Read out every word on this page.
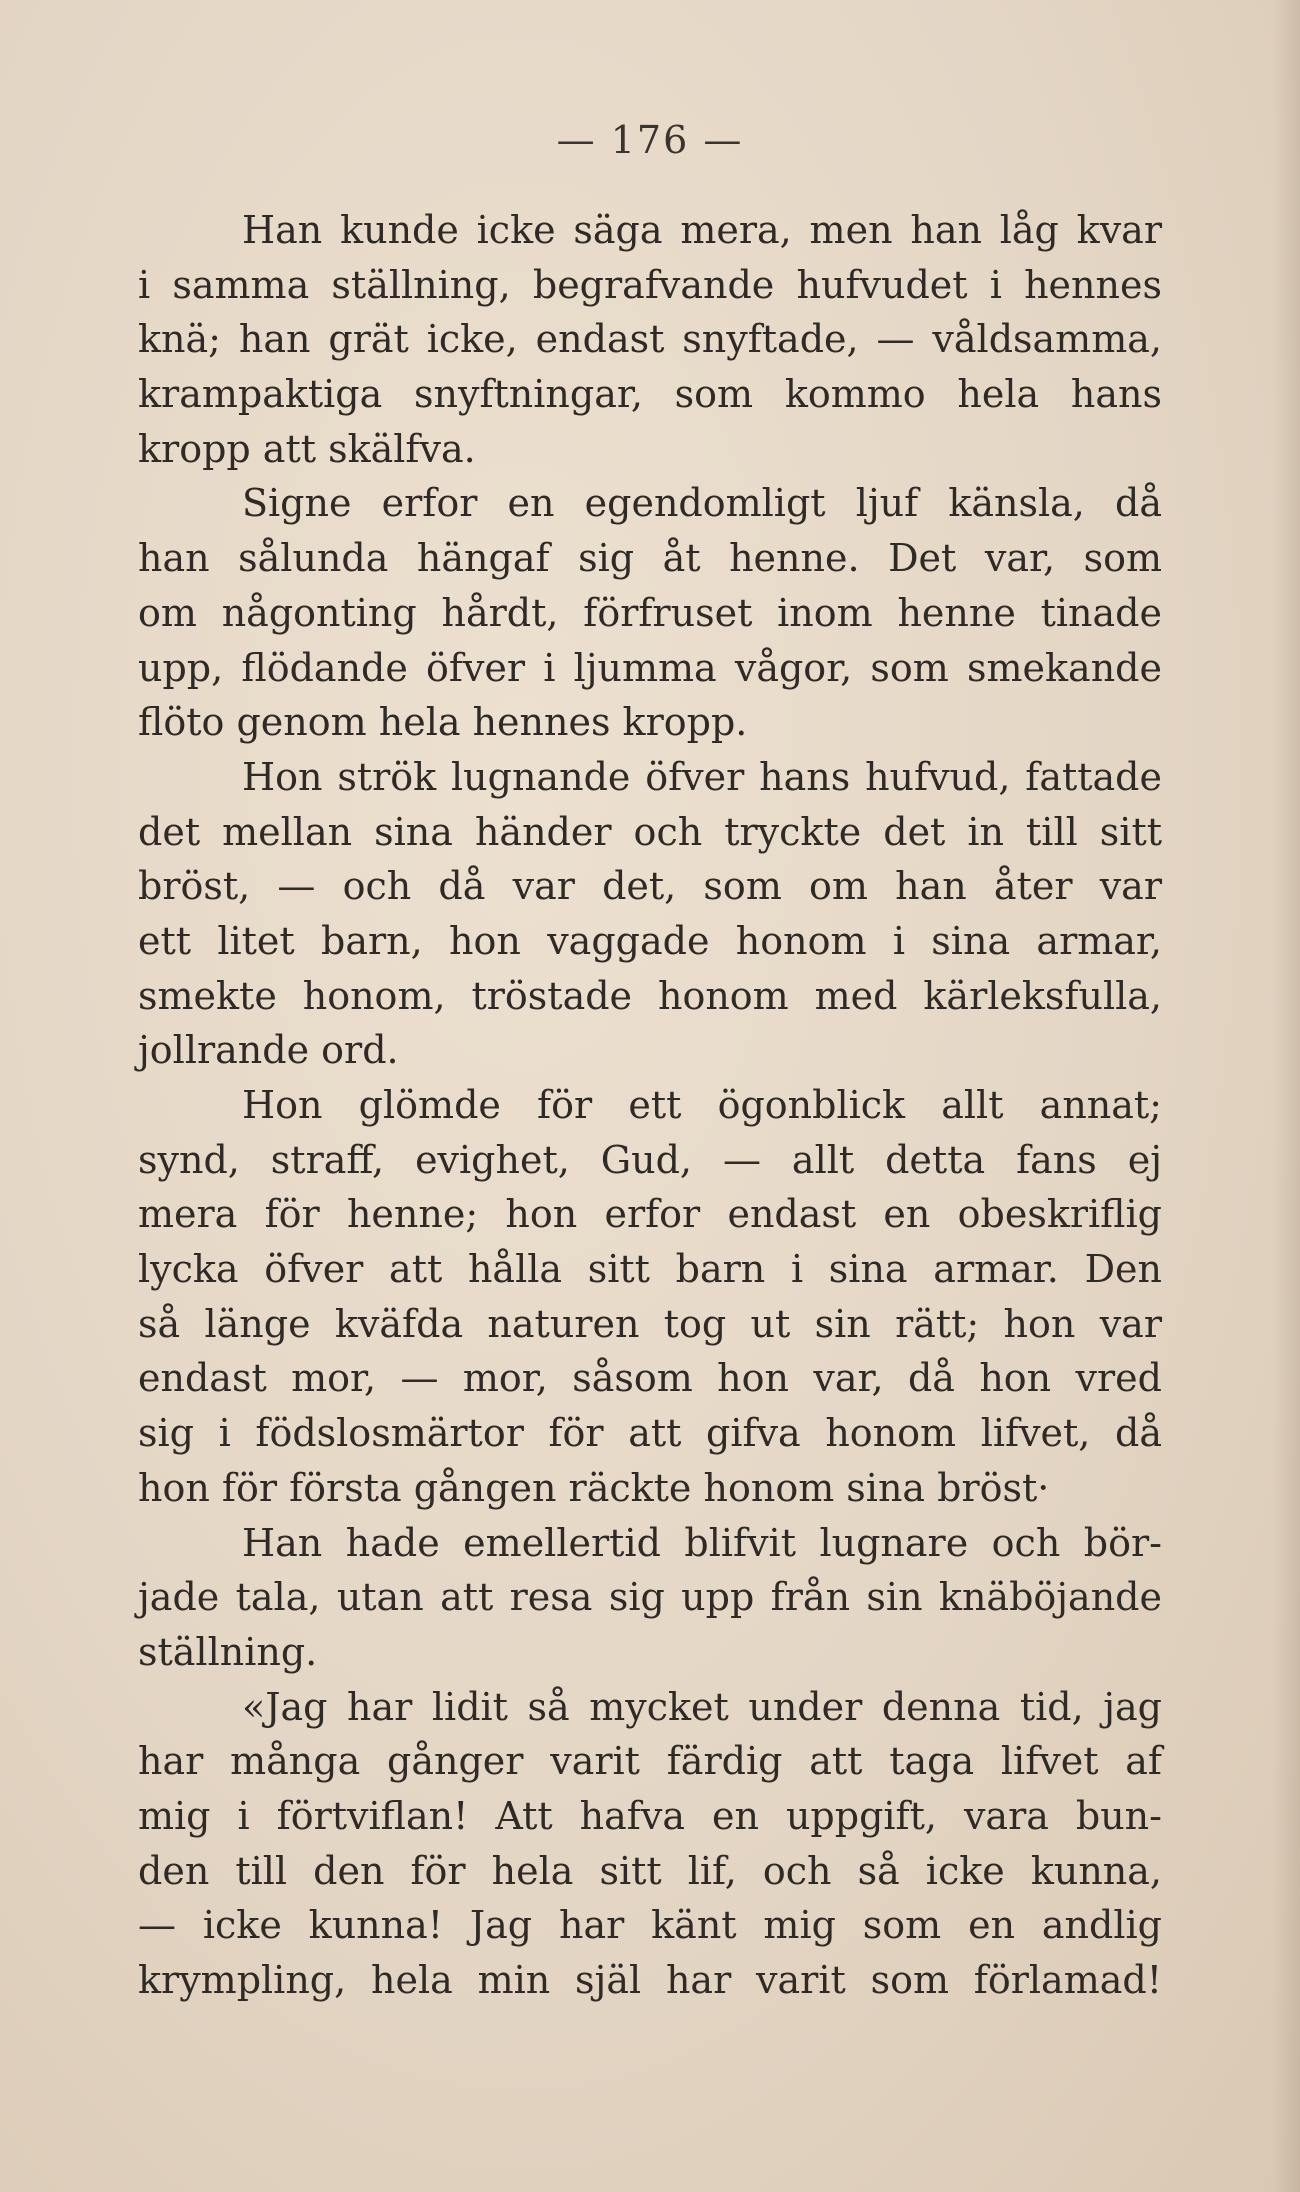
— 176 —
Han kunde icke säga mera, men han låg kvar
i samma ställning, begrafvande hufvudet i hennes
knä; han grät icke, endast snyftade, — våldsamma,
krampaktiga snyftningar, som kommo hela hans
kropp att skälfva.
Signe erfor en egendomligt ljuf känsla, då
han sålunda hängaf sig åt henne. Det var, som
om någonting hårdt, förfruset inom henne tinade
upp, flödande öfver i ljumma vågor, som smekande
flöto genom hela hennes kropp.
Hon strök lugnande öfver hans hufvud, fattade
det mellan sina händer och tryckte det in till sitt
bröst, — och då var det, som om han åter var
ett litet barn, hon vaggade honom i sina armar,
smekte honom, tröstade honom med kärleksfulla,
jollrande ord.
Hon glömde för ett ögonblick allt annat;
synd, straff, evighet, Gud, — allt detta fans ej
mera för henne; hon erfor endast en obeskriflig
lycka öfver att hålla sitt barn i sina armar. Den
så länge kväfda naturen tog ut sin rätt; hon var
endast mor, — mor, såsom hon var, då hon vred
sig i födslosmärtor för att gifva honom lifvet, då
hon för första gången räckte honom sina bröst·
Han hade emellertid blifvit lugnare och bör-
jade tala, utan att resa sig upp från sin knäböjande
ställning.
«Jag har lidit så mycket under denna tid, jag
har många gånger varit färdig att taga lifvet af
mig i förtviflan! Att hafva en uppgift, vara bun-
den till den för hela sitt lif, och så icke kunna,
— icke kunna! Jag har känt mig som en andlig
krympling, hela min själ har varit som förlamad!
